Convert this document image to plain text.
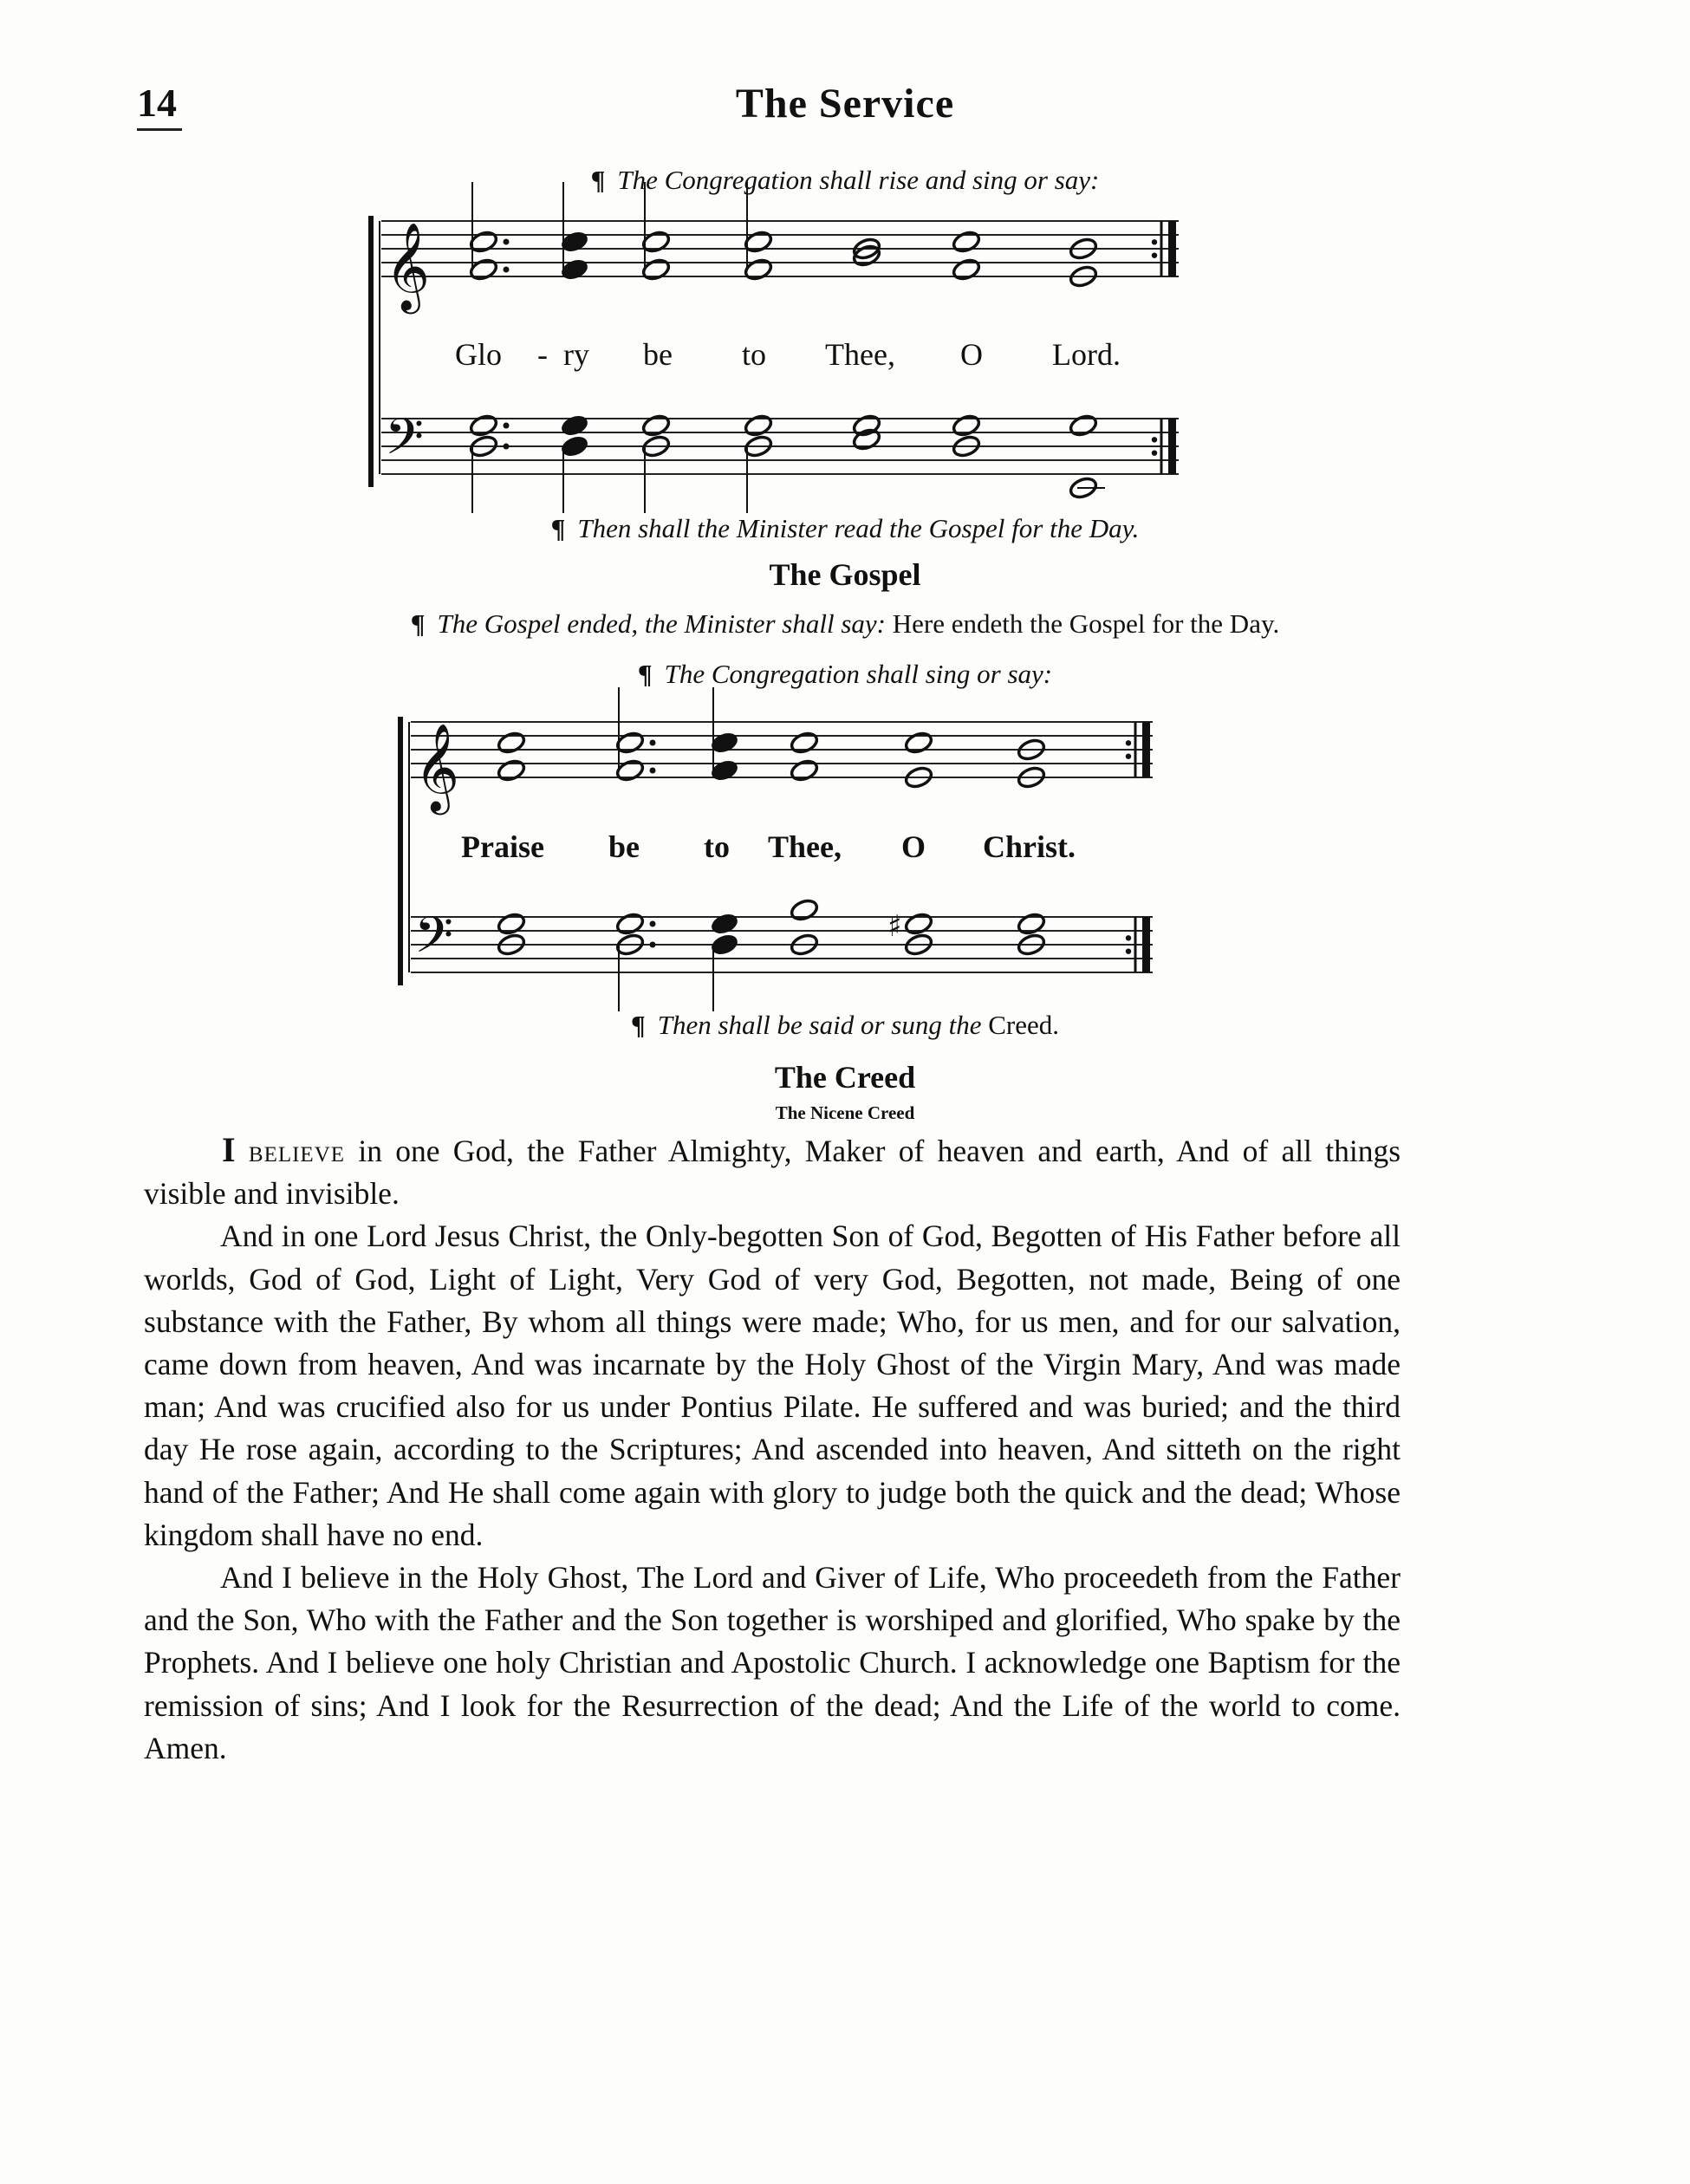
14	The Service
¶ The Congregation shall rise and sing or say:
𝄞
𝄢
Glo - ry be to Thee, O Lord.
¶ Then shall the Minister read the Gospel for the Day.
The Gospel
¶ The Gospel ended, the Minister shall say: Here endeth the Gospel for the Day.
¶ The Congregation shall sing or say:
𝄞
𝄢	♯
Praise be to Thee, O Christ.
¶ Then shall be said or sung the Creed.
The Creed
The Nicene Creed

I believe in one God, the Father Almighty, Maker of heaven and earth, And of all things visible and invisible.

And in one Lord Jesus Christ, the Only-begotten Son of God, Begotten of His Father before all worlds, God of God, Light of Light, Very God of very God, Begotten, not made, Being of one substance with the Father, By whom all things were made; Who, for us men, and for our salvation, came down from heaven, And was incarnate by the Holy Ghost of the Virgin Mary, And was made man; And was crucified also for us under Pontius Pilate. He suffered and was buried; and the third day He rose again, according to the Scriptures; And ascended into heaven, And sitteth on the right hand of the Father; And He shall come again with glory to judge both the quick and the dead; Whose kingdom shall have no end.

And I believe in the Holy Ghost, The Lord and Giver of Life, Who proceedeth from the Father and the Son, Who with the Father and the Son together is worshiped and glorified, Who spake by the Prophets. And I believe one holy Christian and Apostolic Church. I acknowledge one Baptism for the remission of sins; And I look for the Resurrection of the dead; And the Life of the world to come. Amen.
